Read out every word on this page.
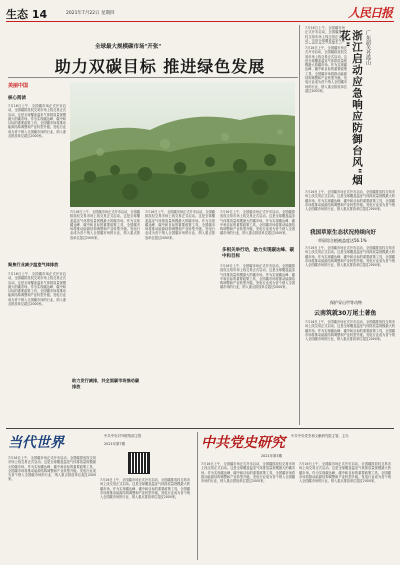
生态 14	2021年7月22日 星期四	人民日报
全球最大规模碳市场"开张"
助力双碳目标 推进绿色发展
美丽中国
核心阅读
7月16日上午，全国碳市场正式开市启动，全国碳排放权交易市场上线交易正式启动。这是全球覆盖温室气体排放量规模最大的碳市场。作为实现碳达峰、碳中和目标的重要政策工具，全国碳市场将推动能源结构调整和产业转型升级。发电行业成为首个纳入全国碳市场的行业，纳入重点排放单位超过2000家。
聚焦行业减少温室气体排放
7月16日上午，全国碳市场正式开市启动，全国碳排放权交易市场上线交易正式启动。这是全球覆盖温室气体排放量规模最大的碳市场。作为实现碳达峰、碳中和目标的重要政策工具，全国碳市场将推动能源结构调整和产业转型升级。发电行业成为首个纳入全国碳市场的行业，纳入重点排放单位超过2000家。
7月16日上午，全国碳市场正式开市启动，全国碳排放权交易市场上线交易正式启动。这是全球覆盖温室气体排放量规模最大的碳市场。作为实现碳达峰、碳中和目标的重要政策工具，全国碳市场将推动能源结构调整和产业转型升级。发电行业成为首个纳入全国碳市场的行业，纳入重点排放单位超过2000家。
7月16日上午，全国碳市场正式开市启动，全国碳排放权交易市场上线交易正式启动。这是全球覆盖温室气体排放量规模最大的碳市场。作为实现碳达峰、碳中和目标的重要政策工具，全国碳市场将推动能源结构调整和产业转型升级。发电行业成为首个纳入全国碳市场的行业，纳入重点排放单位超过2000家。
7月16日上午，全国碳市场正式开市启动，全国碳排放权交易市场上线交易正式启动。这是全球覆盖温室气体排放量规模最大的碳市场。作为实现碳达峰、碳中和目标的重要政策工具，全国碳市场将推动能源结构调整和产业转型升级。发电行业成为首个纳入全国碳市场的行业，纳入重点排放单位超过2000家。
多相关举行动，助力实现碳达峰、碳中和目标
7月16日上午，全国碳市场正式开市启动，全国碳排放权交易市场上线交易正式启动。这是全球覆盖温室气体排放量规模最大的碳市场。作为实现碳达峰、碳中和目标的重要政策工具，全国碳市场将推动能源结构调整和产业转型升级。发电行业成为首个纳入全国碳市场的行业，纳入重点排放单位超过2000家。
助力发行减排，共全面碳市场推动碳排放
7月16日上午，全国碳市场正式开市启动，全国碳排放权交易市场上线交易正式启动。这是全球覆盖温室气体	广东韶关丹霞山
浙江启动应急响应防御台风"烟花"
7月16日上午，全国碳市场正式开市启动，全国碳排放权交易市场上线交易正式启动。这是全球覆盖温室气体排放量规模最大的碳市场。作为实现碳达峰、碳中和目标的重要政策工具，全国碳市场将推动能源结构调整和产业转型升级。发电行业成为首个纳入全国碳市场的行业，纳入重点排放单位超过2000家。
7月16日上午，全国碳市场正式开市启动，全国碳排放权交易市场上线交易正式启动。这是全球覆盖温室气体排放量规模最大的碳市场。作为实现碳达峰、碳中和目标的重要政策工具，全国碳市场将推动能源结构调整和产业转型升级。发电行业成为首个纳入全国碳市场的行业，纳入重点排放单位超过2000家。
我国草原生态状况持续向好
草原综合植被盖度达56.1%
7月16日上午，全国碳市场正式开市启动，全国碳排放权交易市场上线交易正式启动。这是全球覆盖温室气体排放量规模最大的碳市场。作为实现碳达峰、碳中和目标的重要政策工具，全国碳市场将推动能源结构调整和产业转型升级。发电行业成为首个纳入全国碳市场的行业，纳入重点排放单位超过2000家。
保护穿山甲等动物
云南筑就30万尾土著鱼
7月16日上午，全国碳市场正式开市启动，全国碳排放权交易市场上线交易正式启动。这是全球覆盖温室气体排放量规模最大的碳市场。作为实现碳达峰、碳中和目标的重要政策工具，全国碳市场将推动能源结构调整和产业转型升级。发电行业成为首个纳入全国碳市场的行业，纳入重点排放单位超过2000家。
当代世界	中共中央对外联络部主管
2021年第7期
7月16日上午，全国碳市场正式开市启动，全国碳排放权交易市场上线交易正式启动。这是全球覆盖温室气体排放量规模最大的碳市场。作为实现碳达峰、碳中和目标的重要政策工具，全国碳市场将推动能源结构调整和产业转型升级。发电行业成为首个纳入全国碳市场的行业，纳入重点排放单位超过2000家。	7月16日上午，全国碳市场正式开市启动，全国碳排放权交易市场上线交易正式启动。这是全球覆盖温室气体排放量规模最大的碳市场。作为实现碳达峰、碳中和目标的重要政策工具，全国碳市场将推动能源结构调整和产业转型升级。发电行业成为首个纳入全国碳市场的行业，纳入重点排放单位超过2000家。
中共党史研究	中共中央党史和文献研究院主管、主办
2021年第3期
7月16日上午，全国碳市场正式开市启动，全国碳排放权交易市场上线交易正式启动。这是全球覆盖温室气体排放量规模最大的碳市场。作为实现碳达峰、碳中和目标的重要政策工具，全国碳市场将推动能源结构调整和产业转型升级。发电行业成为首个纳入全国碳市场的行业，纳入重点排放单位超过2000家。
7月16日上午，全国碳市场正式开市启动，全国碳排放权交易市场上线交易正式启动。这是全球覆盖温室气体排放量规模最大的碳市场。作为实现碳达峰、碳中和目标的重要政策工具，全国碳市场将推动能源结构调整和产业转型升级。发电行业成为首个纳入全国碳市场的行业，纳入重点排放单位超过2000家。
